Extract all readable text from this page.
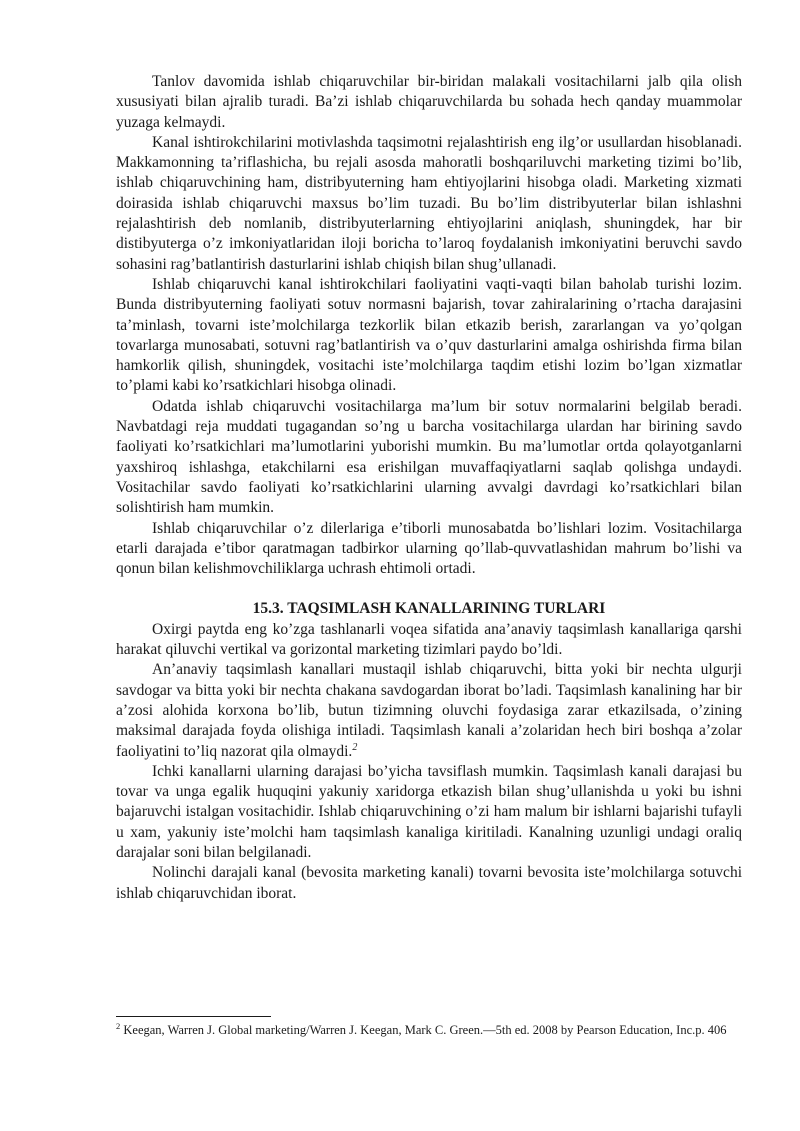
Tanlov davomida ishlab chiqaruvchilar bir-biridan malakali vositachilarni jalb qila olish xususiyati bilan ajralib turadi. Ba’zi ishlab chiqaruvchilarda bu sohada hech qanday muammolar yuzaga kelmaydi.

Kanal ishtirokchilarini motivlashda taqsimotni rejalashtirish eng ilg’or usullardan hisoblanadi. Makkamonning ta’riflashicha, bu rejali asosda mahoratli boshqariluvchi marketing tizimi bo’lib, ishlab chiqaruvchining ham, distribyuterning ham ehtiyojlarini hisobga oladi. Marketing xizmati doirasida ishlab chiqaruvchi maxsus bo’lim tuzadi. Bu bo’lim distribyuterlar bilan ishlashni rejalashtirish deb nomlanib, distribyuterlarning ehtiyojlarini aniqlash, shuningdek, har bir distibyuterga o’z imkoniyatlaridan iloji boricha to’laroq foydalanish imkoniyatini beruvchi savdo sohasini rag’batlantirish dasturlarini ishlab chiqish bilan shug’ullanadi.

Ishlab chiqaruvchi kanal ishtirokchilari faoliyatini vaqti-vaqti bilan baholab turishi lozim. Bunda distribyuterning faoliyati sotuv normasni bajarish, tovar zahiralarining o’rtacha darajasini ta’minlash, tovarni iste’molchilarga tezkorlik bilan etkazib berish, zararlangan va yo’qolgan tovarlarga munosabati, sotuvni rag’batlantirish va o’quv dasturlarini amalga oshirishda firma bilan hamkorlik qilish, shuningdek, vositachi iste’molchilarga taqdim etishi lozim bo’lgan xizmatlar to’plami kabi ko’rsatkichlari hisobga olinadi.

Odatda ishlab chiqaruvchi vositachilarga ma’lum bir sotuv normalarini belgilab beradi. Navbatdagi reja muddati tugagandan so’ng u barcha vositachilarga ulardan har birining savdo faoliyati ko’rsatkichlari ma’lumotlarini yuborishi mumkin. Bu ma’lumotlar ortda qolayotganlarni yaxshiroq ishlashga, etakchilarni esa erishilgan muvaffaqiyatlarni saqlab qolishga undaydi. Vositachilar savdo faoliyati ko’rsatkichlarini ularning avvalgi davrdagi ko’rsatkichlari bilan solishtirish ham mumkin.

Ishlab chiqaruvchilar o’z dilerlariga e’tiborli munosabatda bo’lishlari lozim. Vositachilarga etarli darajada e’tibor qaratmagan tadbirkor ularning qo’llab-quvvatlashidan mahrum bo’lishi va qonun bilan kelishmovchiliklarga uchrash ehtimoli ortadi.

15.3. TAQSIMLASH KANALLARINING TURLARI

Oxirgi paytda eng ko’zga tashlanarli voqea sifatida ana’anaviy taqsimlash kanallariga qarshi harakat qiluvchi vertikal va gorizontal marketing tizimlari paydo bo’ldi.

An’anaviy taqsimlash kanallari mustaqil ishlab chiqaruvchi, bitta yoki bir nechta ulgurji savdogar va bitta yoki bir nechta chakana savdogardan iborat bo’ladi. Taqsimlash kanalining har bir a’zosi alohida korxona bo’lib, butun tizimning oluvchi foydasiga zarar etkazilsada, o’zining maksimal darajada foyda olishiga intiladi. Taqsimlash kanali a’zolaridan hech biri boshqa a’zolar faoliyatini to’liq nazorat qila olmaydi.$^2$

Ichki kanallarni ularning darajasi bo’yicha tavsiflash mumkin. Taqsimlash kanali darajasi bu tovar va unga egalik huquqini yakuniy xaridorga etkazish bilan shug’ullanishda u yoki bu ishni bajaruvchi istalgan vositachidir. Ishlab chiqaruvchining o’zi ham malum bir ishlarni bajarishi tufayli u xam, yakuniy iste’molchi ham taqsimlash kanaliga kiritiladi. Kanalning uzunligi undagi oraliq darajalar soni bilan belgilanadi.

Nolinchi darajali kanal (bevosita marketing kanali) tovarni bevosita iste’molchilarga sotuvchi ishlab chiqaruvchidan iborat.

$^2$ Keegan, Warren J. Global marketing/Warren J. Keegan, Mark C. Green.—5th ed. 2008 by Pearson Education, Inc.p. 406
